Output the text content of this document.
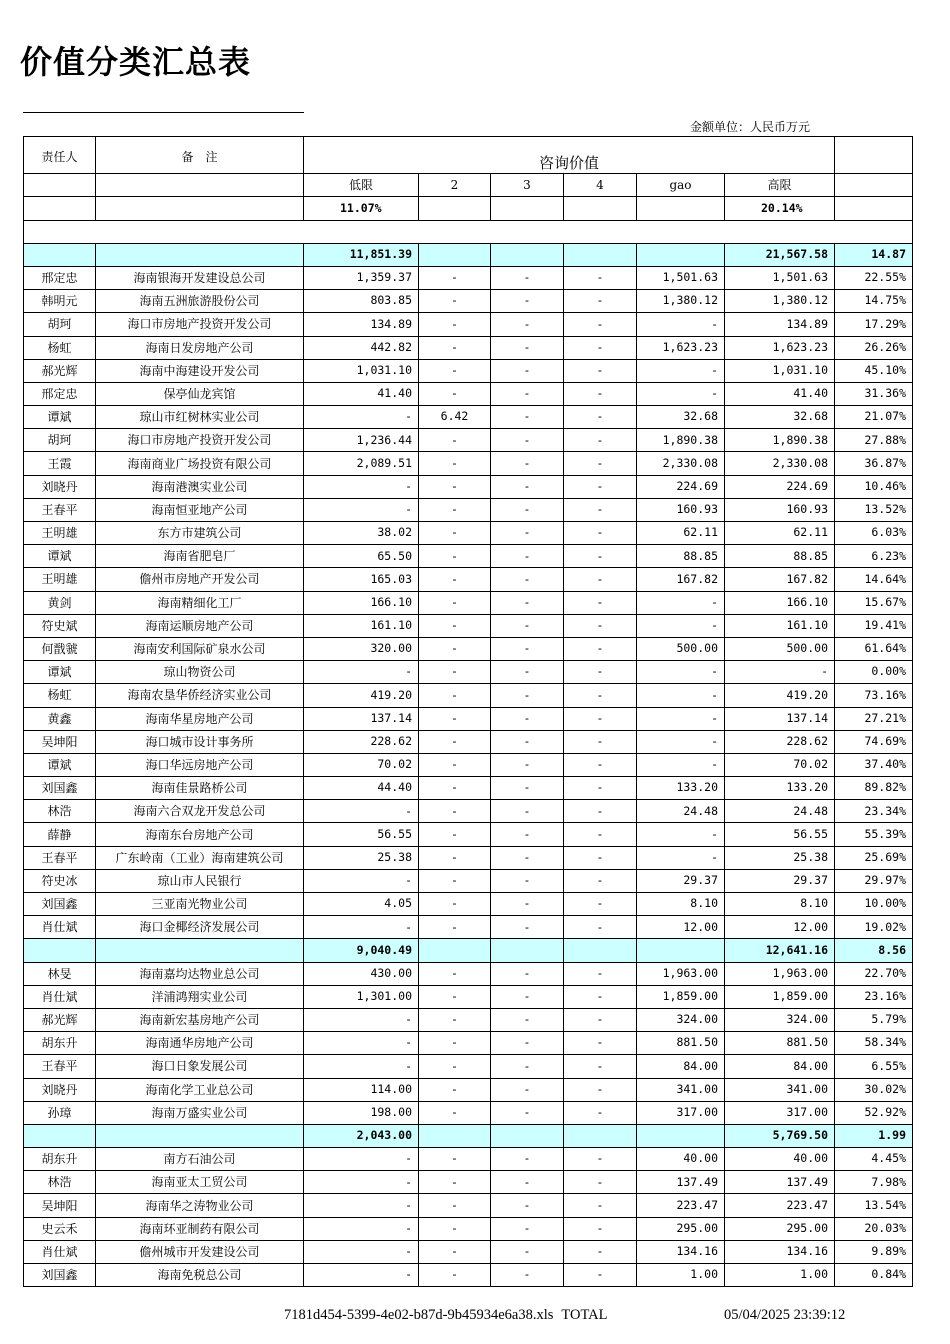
价值分类汇总表
金额单位：人民币万元
责任人	备　注	咨询价值						
		低限	2	3	4	gao	高限	
		11.07%					20.14%	

		11,851.39					21,567.58	14.87
邢定忠	海南银海开发建设总公司	1,359.37	-	-	-	1,501.63	1,501.63	22.55%
韩明元	海南五洲旅游股份公司	803.85	-	-	-	1,380.12	1,380.12	14.75%
胡珂	海口市房地产投资开发公司	134.89	-	-	-	-	134.89	17.29%
杨虹	海南日发房地产公司	442.82	-	-	-	1,623.23	1,623.23	26.26%
郝光辉	海南中海建设开发公司	1,031.10	-	-	-	-	1,031.10	45.10%
邢定忠	保亭仙龙宾馆	41.40	-	-	-	-	41.40	31.36%
谭斌	琼山市红树林实业公司	-	6.42	-	-	32.68	32.68	21.07%
胡珂	海口市房地产投资开发公司	1,236.44	-	-	-	1,890.38	1,890.38	27.88%
王霞	海南商业广场投资有限公司	2,089.51	-	-	-	2,330.08	2,330.08	36.87%
刘晓丹	海南港澳实业公司	-	-	-	-	224.69	224.69	10.46%
王春平	海南恒亚地产公司	-	-	-	-	160.93	160.93	13.52%
王明雄	东方市建筑公司	38.02	-	-	-	62.11	62.11	6.03%
谭斌	海南省肥皂厂	65.50	-	-	-	88.85	88.85	6.23%
王明雄	儋州市房地产开发公司	165.03	-	-	-	167.82	167.82	14.64%
黄剑	海南精细化工厂	166.10	-	-	-	-	166.10	15.67%
符史斌	海南运顺房地产公司	161.10	-	-	-	-	161.10	19.41%
何戬虢	海南安利国际矿泉水公司	320.00	-	-	-	500.00	500.00	61.64%
谭斌	琼山物资公司	-	-	-	-	-	-	0.00%
杨虹	海南农垦华侨经济实业公司	419.20	-	-	-	-	419.20	73.16%
黄鑫	海南华星房地产公司	137.14	-	-	-	-	137.14	27.21%
吴坤阳	海口城市设计事务所	228.62	-	-	-	-	228.62	74.69%
谭斌	海口华远房地产公司	70.02	-	-	-	-	70.02	37.40%
刘国鑫	海南佳景路桥公司	44.40	-	-	-	133.20	133.20	89.82%
林浩	海南六合双龙开发总公司	-	-	-	-	24.48	24.48	23.34%
薛静	海南东台房地产公司	56.55	-	-	-	-	56.55	55.39%
王春平	广东岭南（工业）海南建筑公司	25.38	-	-	-	-	25.38	25.69%
符史冰	琼山市人民银行	-	-	-	-	29.37	29.37	29.97%
刘国鑫	三亚南光物业公司	4.05	-	-	-	8.10	8.10	10.00%
肖仕斌	海口金椰经济发展公司	-	-	-	-	12.00	12.00	19.02%
		9,040.49					12,641.16	8.56
林旻	海南嘉均达物业总公司	430.00	-	-	-	1,963.00	1,963.00	22.70%
肖仕斌	洋浦鸿翔实业公司	1,301.00	-	-	-	1,859.00	1,859.00	23.16%
郝光辉	海南新宏基房地产公司	-	-	-	-	324.00	324.00	5.79%
胡东升	海南通华房地产公司	-	-	-	-	881.50	881.50	58.34%
王春平	海口日象发展公司	-	-	-	-	84.00	84.00	6.55%
刘晓丹	海南化学工业总公司	114.00	-	-	-	341.00	341.00	30.02%
孙璋	海南万盛实业公司	198.00	-	-	-	317.00	317.00	52.92%
		2,043.00					5,769.50	1.99
胡东升	南方石油公司	-	-	-	-	40.00	40.00	4.45%
林浩	海南亚太工贸公司	-	-	-	-	137.49	137.49	7.98%
吴坤阳	海南华之涛物业公司	-	-	-	-	223.47	223.47	13.54%
史云禾	海南环亚制药有限公司	-	-	-	-	295.00	295.00	20.03%
肖仕斌	儋州城市开发建设公司	-	-	-	-	134.16	134.16	9.89%
刘国鑫	海南免税总公司	-	-	-	-	1.00	1.00	0.84%
7181d454-5399-4e02-b87d-9b45934e6a38.xls TOTAL	05/04/2025 23:39:12
